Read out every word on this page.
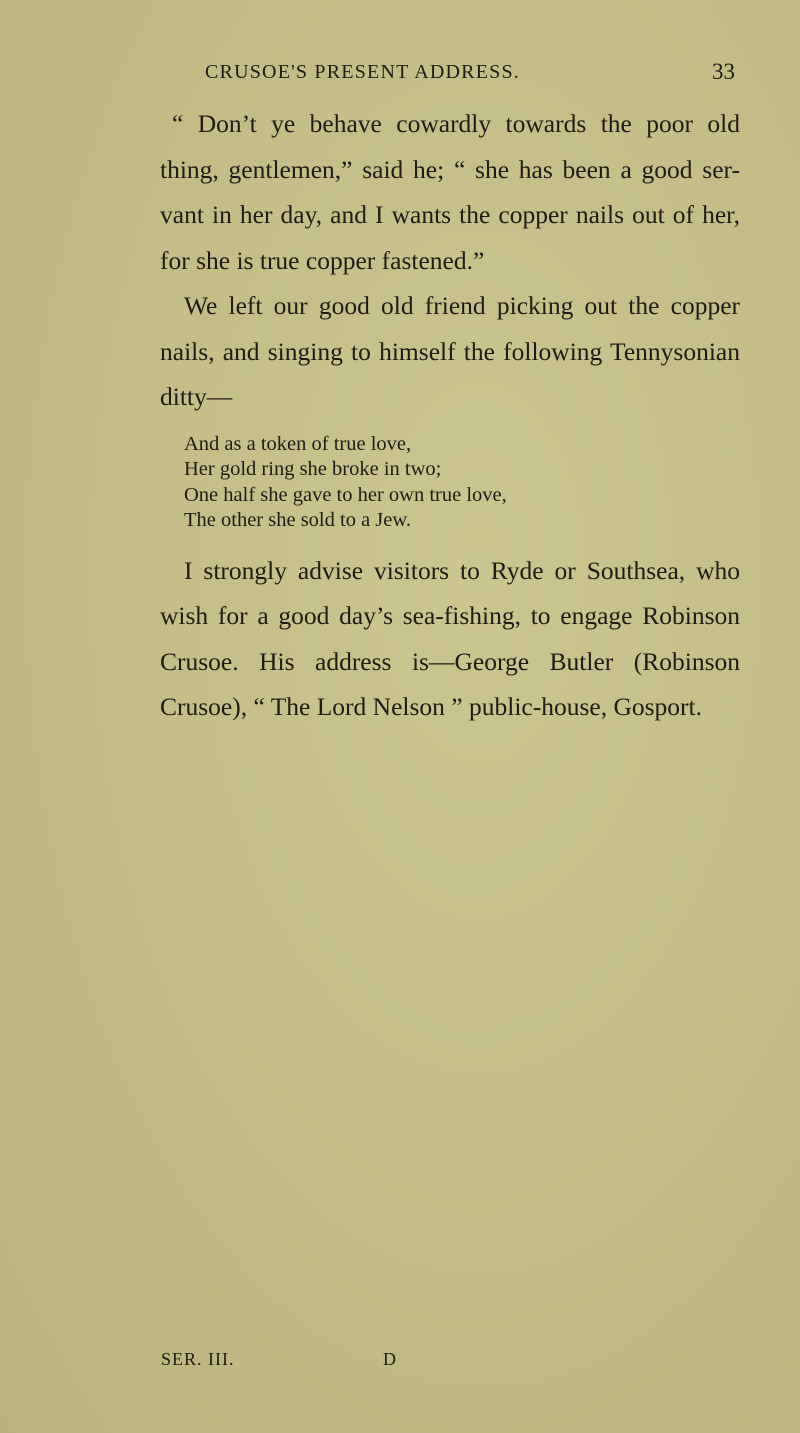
CRUSOE'S PRESENT ADDRESS.	33

“ Don’t ye behave cowardly towards the poor old thing, gentlemen,” said he; “ she has been a good ser-vant in her day, and I wants the copper nails out of her, for she is true copper fastened.”

We left our good old friend picking out the copper nails, and singing to himself the following Tennysonian ditty—

And as a token of true love,
Her gold ring she broke in two;
One half she gave to her own true love,
The other she sold to a Jew.

I strongly advise visitors to Ryde or Southsea, who wish for a good day’s sea-fishing, to engage Robinson Crusoe. His address is—George Butler (Robinson Crusoe), “ The Lord Nelson ” public-house, Gosport.

SER. III.	D
